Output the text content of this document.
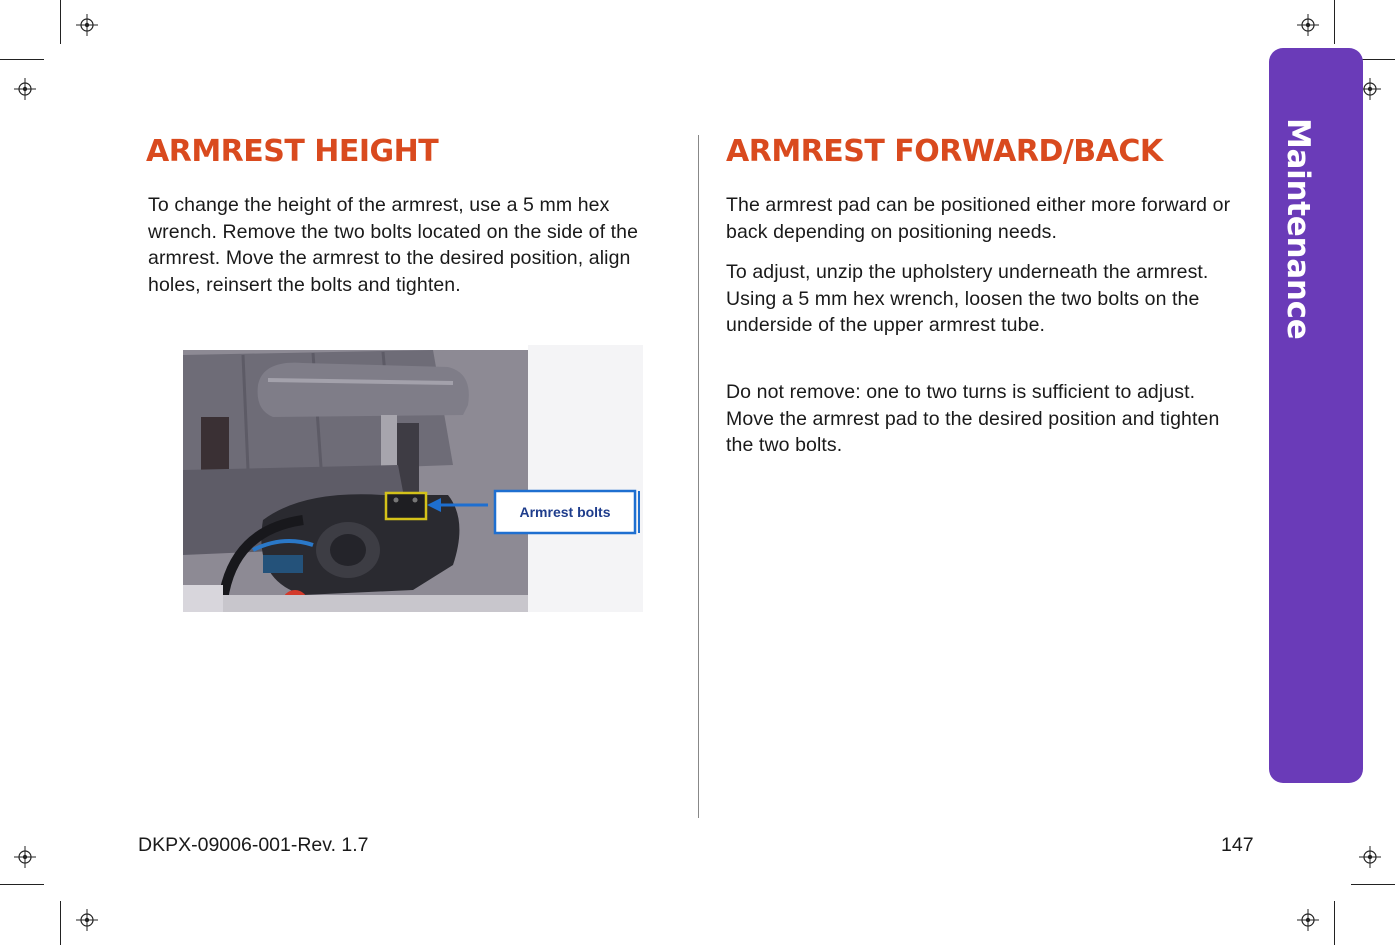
ARMREST HEIGHT

To change the height of the armrest, use a 5 mm hex wrench. Remove the two bolts located on the side of the armrest. Move the armrest to the desired position, align holes, reinsert the bolts and tighten.

Armrest bolts
ARMREST FORWARD/BACK

The armrest pad can be positioned either more forward or back depending on positioning needs.

To adjust, unzip the upholstery underneath the armrest. Using a 5 mm hex wrench, loosen the two bolts on the underside of the upper armrest tube.

Do not remove: one to two turns is sufficient to adjust. Move the armrest pad to the desired position and tighten the two bolts.

Maintenance
DKPX-09006-001-Rev. 1.7	147
